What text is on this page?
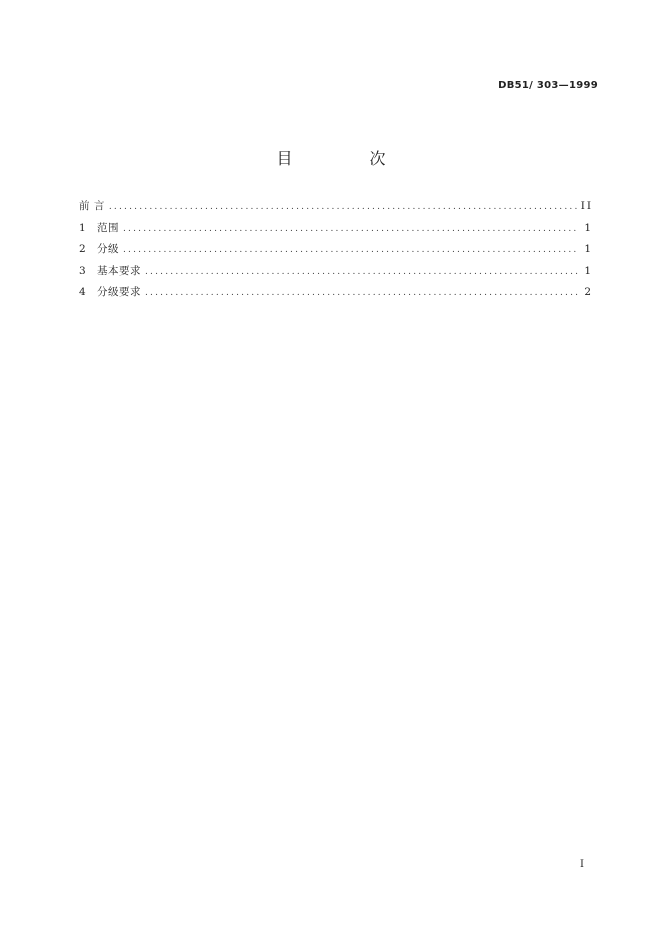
DB51/ 303—1999
目 次
前 言 .....	II
1	范围 .....	1
2	分级 .....	1
3	基本要求 .....	1
4	分级要求 .....	2
I
